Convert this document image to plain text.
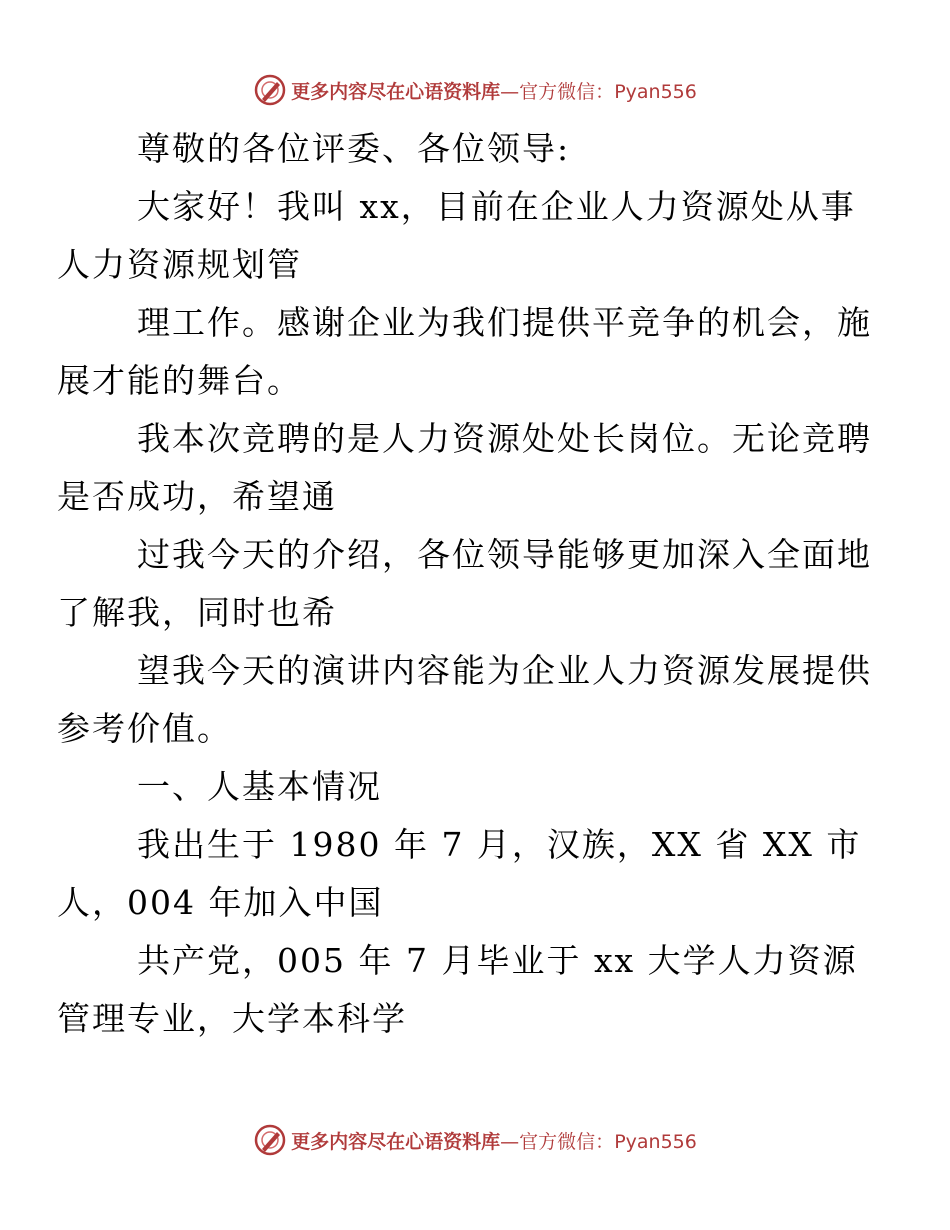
更多内容尽在心语资料库—官方微信：Pyan556

尊敬的各位评委、各位领导:

大家好！我叫 xx，目前在企业人力资源处从事
人力资源规划管

理工作。感谢企业为我们提供平竞争的机会，施
展才能的舞台。

我本次竞聘的是人力资源处处长岗位。无论竞聘
是否成功，希望通

过我今天的介绍，各位领导能够更加深入全面地
了解我，同时也希

望我今天的演讲内容能为企业人力资源发展提供
参考价值。

一、人基本情况

我出生于 1980 年 7 月，汉族，XX 省 XX 市
人，004 年加入中国

共产党，005 年 7 月毕业于 xx 大学人力资源
管理专业，大学本科学

更多内容尽在心语资料库—官方微信：Pyan556
